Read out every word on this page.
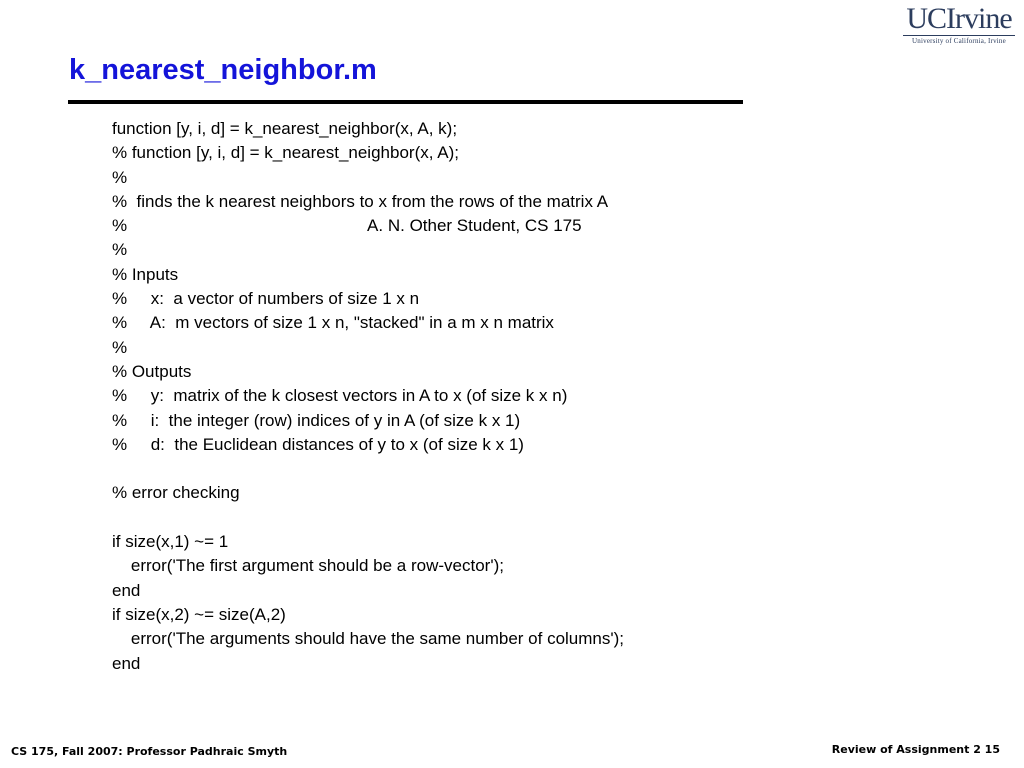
k_nearest_neighbor.m
UCIrvine
University of California, Irvine
function [y, i, d] = k_nearest_neighbor(x, A, k);
% function [y, i, d] = k_nearest_neighbor(x, A);
%
%  finds the k nearest neighbors to x from the rows of the matrix A
%                                                   A. N. Other Student, CS 175
%
% Inputs
%     x:  a vector of numbers of size 1 x n
%     A:  m vectors of size 1 x n, "stacked" in a m x n matrix
%
% Outputs
%     y:  matrix of the k closest vectors in A to x (of size k x n)
%     i:  the integer (row) indices of y in A (of size k x 1)
%     d:  the Euclidean distances of y to x (of size k x 1)
% error checking
if size(x,1) ~= 1
error('The first argument should be a row-vector');
end
if size(x,2) ~= size(A,2)
error('The arguments should have the same number of columns');
end
CS 175, Fall 2007: Professor Padhraic Smyth	Review of Assignment 2 15
